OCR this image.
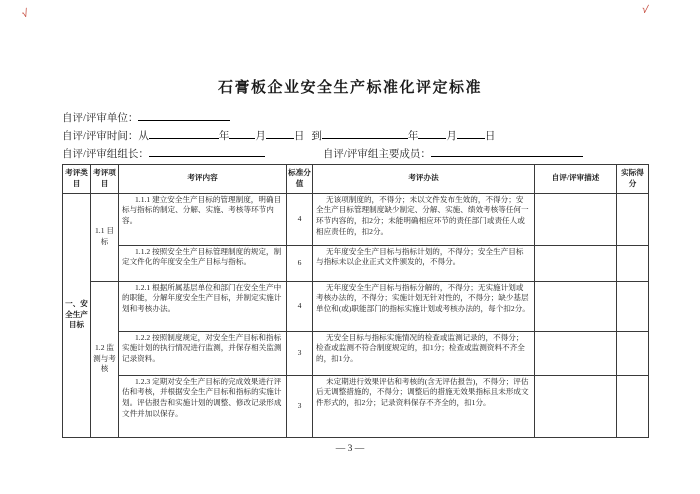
√	√
石膏板企业安全生产标准化评定标准
自评/评审单位：
自评/评审时间：从	年 月	日 到	年	月	日
自评/评审组组长：	自评/评审组主要成员：
考评类目	考评项目	考评内容	标准分值	考评办法	自评/评审描述	实际得分
一、安全生产目标	1.1 目标	1.1.1 建立安全生产目标的管理制度，明确目标与指标的制定、分解、实施、考核等环节内容。	4	无该项制度的，不得分；未以文件发布生效的，不得分；安全生产目标管理制度缺少制定、分解、实施、绩效考核等任何一环节内容的，扣2分；未能明确相应环节的责任部门或责任人或相应责任的，扣2分。		
		1.1.2 按照安全生产目标管理制度的规定，制定文件化的年度安全生产目标与指标。	6	无年度安全生产目标与指标计划的，不得分；安全生产目标与指标未以企业正式文件颁发的，不得分。		
	1.2 监测与考核	1.2.1 根据所属基层单位和部门在安全生产中的职能，分解年度安全生产目标，并制定实施计划和考核办法。	4	无年度安全生产目标与指标分解的，不得分；无实施计划或考核办法的，不得分；实施计划无针对性的，不得分；缺少基层单位和(或)职能部门的指标实施计划或考核办法的，每个扣2分。		
		1.2.2 按照制度规定，对安全生产目标和指标实施计划的执行情况进行监测，并保存相关监测记录资料。	3	无安全目标与指标实施情况的检查或监测记录的，不得分；检查或监测不符合制度规定的，扣1分；检查或监测资料不齐全的，扣1分。		
		1.2.3 定期对安全生产目标的完成效果进行评估和考核，并根据安全生产目标和指标的实施计划。评估报告和实施计划的调整、修改记录形成文件并加以保存。	3	未定期进行效果评估和考核的(含无评估报告)，不得分；评估后无调整措施的，不得分；调整后的措施无效果指标且未形成文件形式的，扣2分；记录资料保存不齐全的，扣1分。		
— 3 —
